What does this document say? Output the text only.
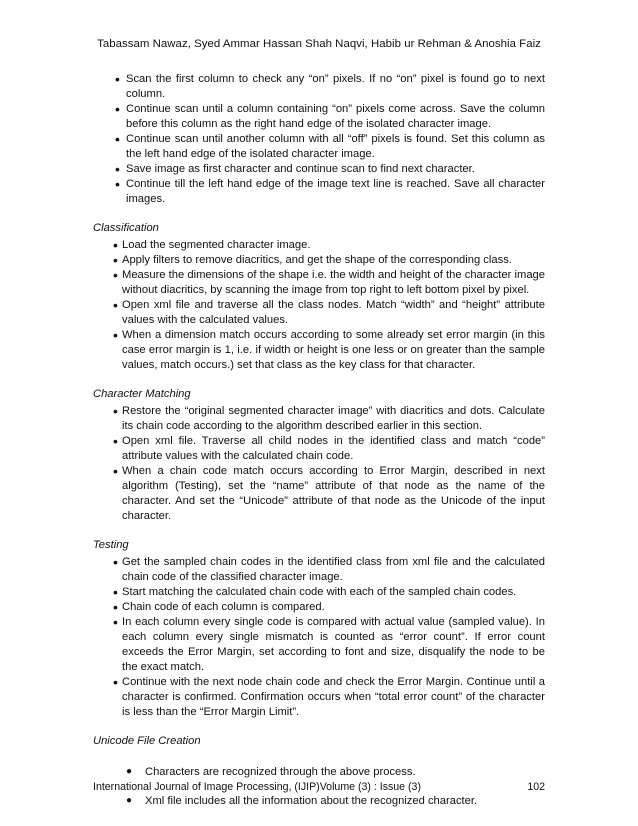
Tabassam Nawaz, Syed Ammar Hassan Shah Naqvi, Habib ur Rehman & Anoshia Faiz
• Scan the first column to check any “on” pixels. If no “on” pixel is found go to next column.
• Continue scan until a column containing “on” pixels come across. Save the column before this column as the right hand edge of the isolated character image.
• Continue scan until another column with all “off” pixels is found. Set this column as the left hand edge of the isolated character image.
• Save image as first character and continue scan to find next character.
• Continue till the left hand edge of the image text line is reached. Save all character images.
Classification
• Load the segmented character image.
• Apply filters to remove diacritics, and get the shape of the corresponding class.
• Measure the dimensions of the shape i.e. the width and height of the character image without diacritics, by scanning the image from top right to left bottom pixel by pixel.
• Open xml file and traverse all the class nodes. Match “width” and “height” attribute values with the calculated values.
• When a dimension match occurs according to some already set error margin (in this case error margin is 1, i.e. if width or height is one less or on greater than the sample values, match occurs.) set that class as the key class for that character.
Character Matching
• Restore the “original segmented character image” with diacritics and dots. Calculate its chain code according to the algorithm described earlier in this section.
• Open xml file. Traverse all child nodes in the identified class and match “code” attribute values with the calculated chain code.
• When a chain code match occurs according to Error Margin, described in next algorithm (Testing), set the “name” attribute of that node as the name of the character. And set the “Unicode” attribute of that node as the Unicode of the input character.
Testing
• Get the sampled chain codes in the identified class from xml file and the calculated chain code of the classified character image.
• Start matching the calculated chain code with each of the sampled chain codes.
• Chain code of each column is compared.
• In each column every single code is compared with actual value (sampled value). In each column every single mismatch is counted as “error count”. If error count exceeds the Error Margin, set according to font and size, disqualify the node to be the exact match.
• Continue with the next node chain code and check the Error Margin. Continue until a character is confirmed. Confirmation occurs when “total error count” of the character is less than the “Error Margin Limit”.
Unicode File Creation
● Characters are recognized through the above process.
● Xml file includes all the information about the recognized character.
International Journal of Image Processing, (IJIP)Volume (3) : Issue (3)	102
